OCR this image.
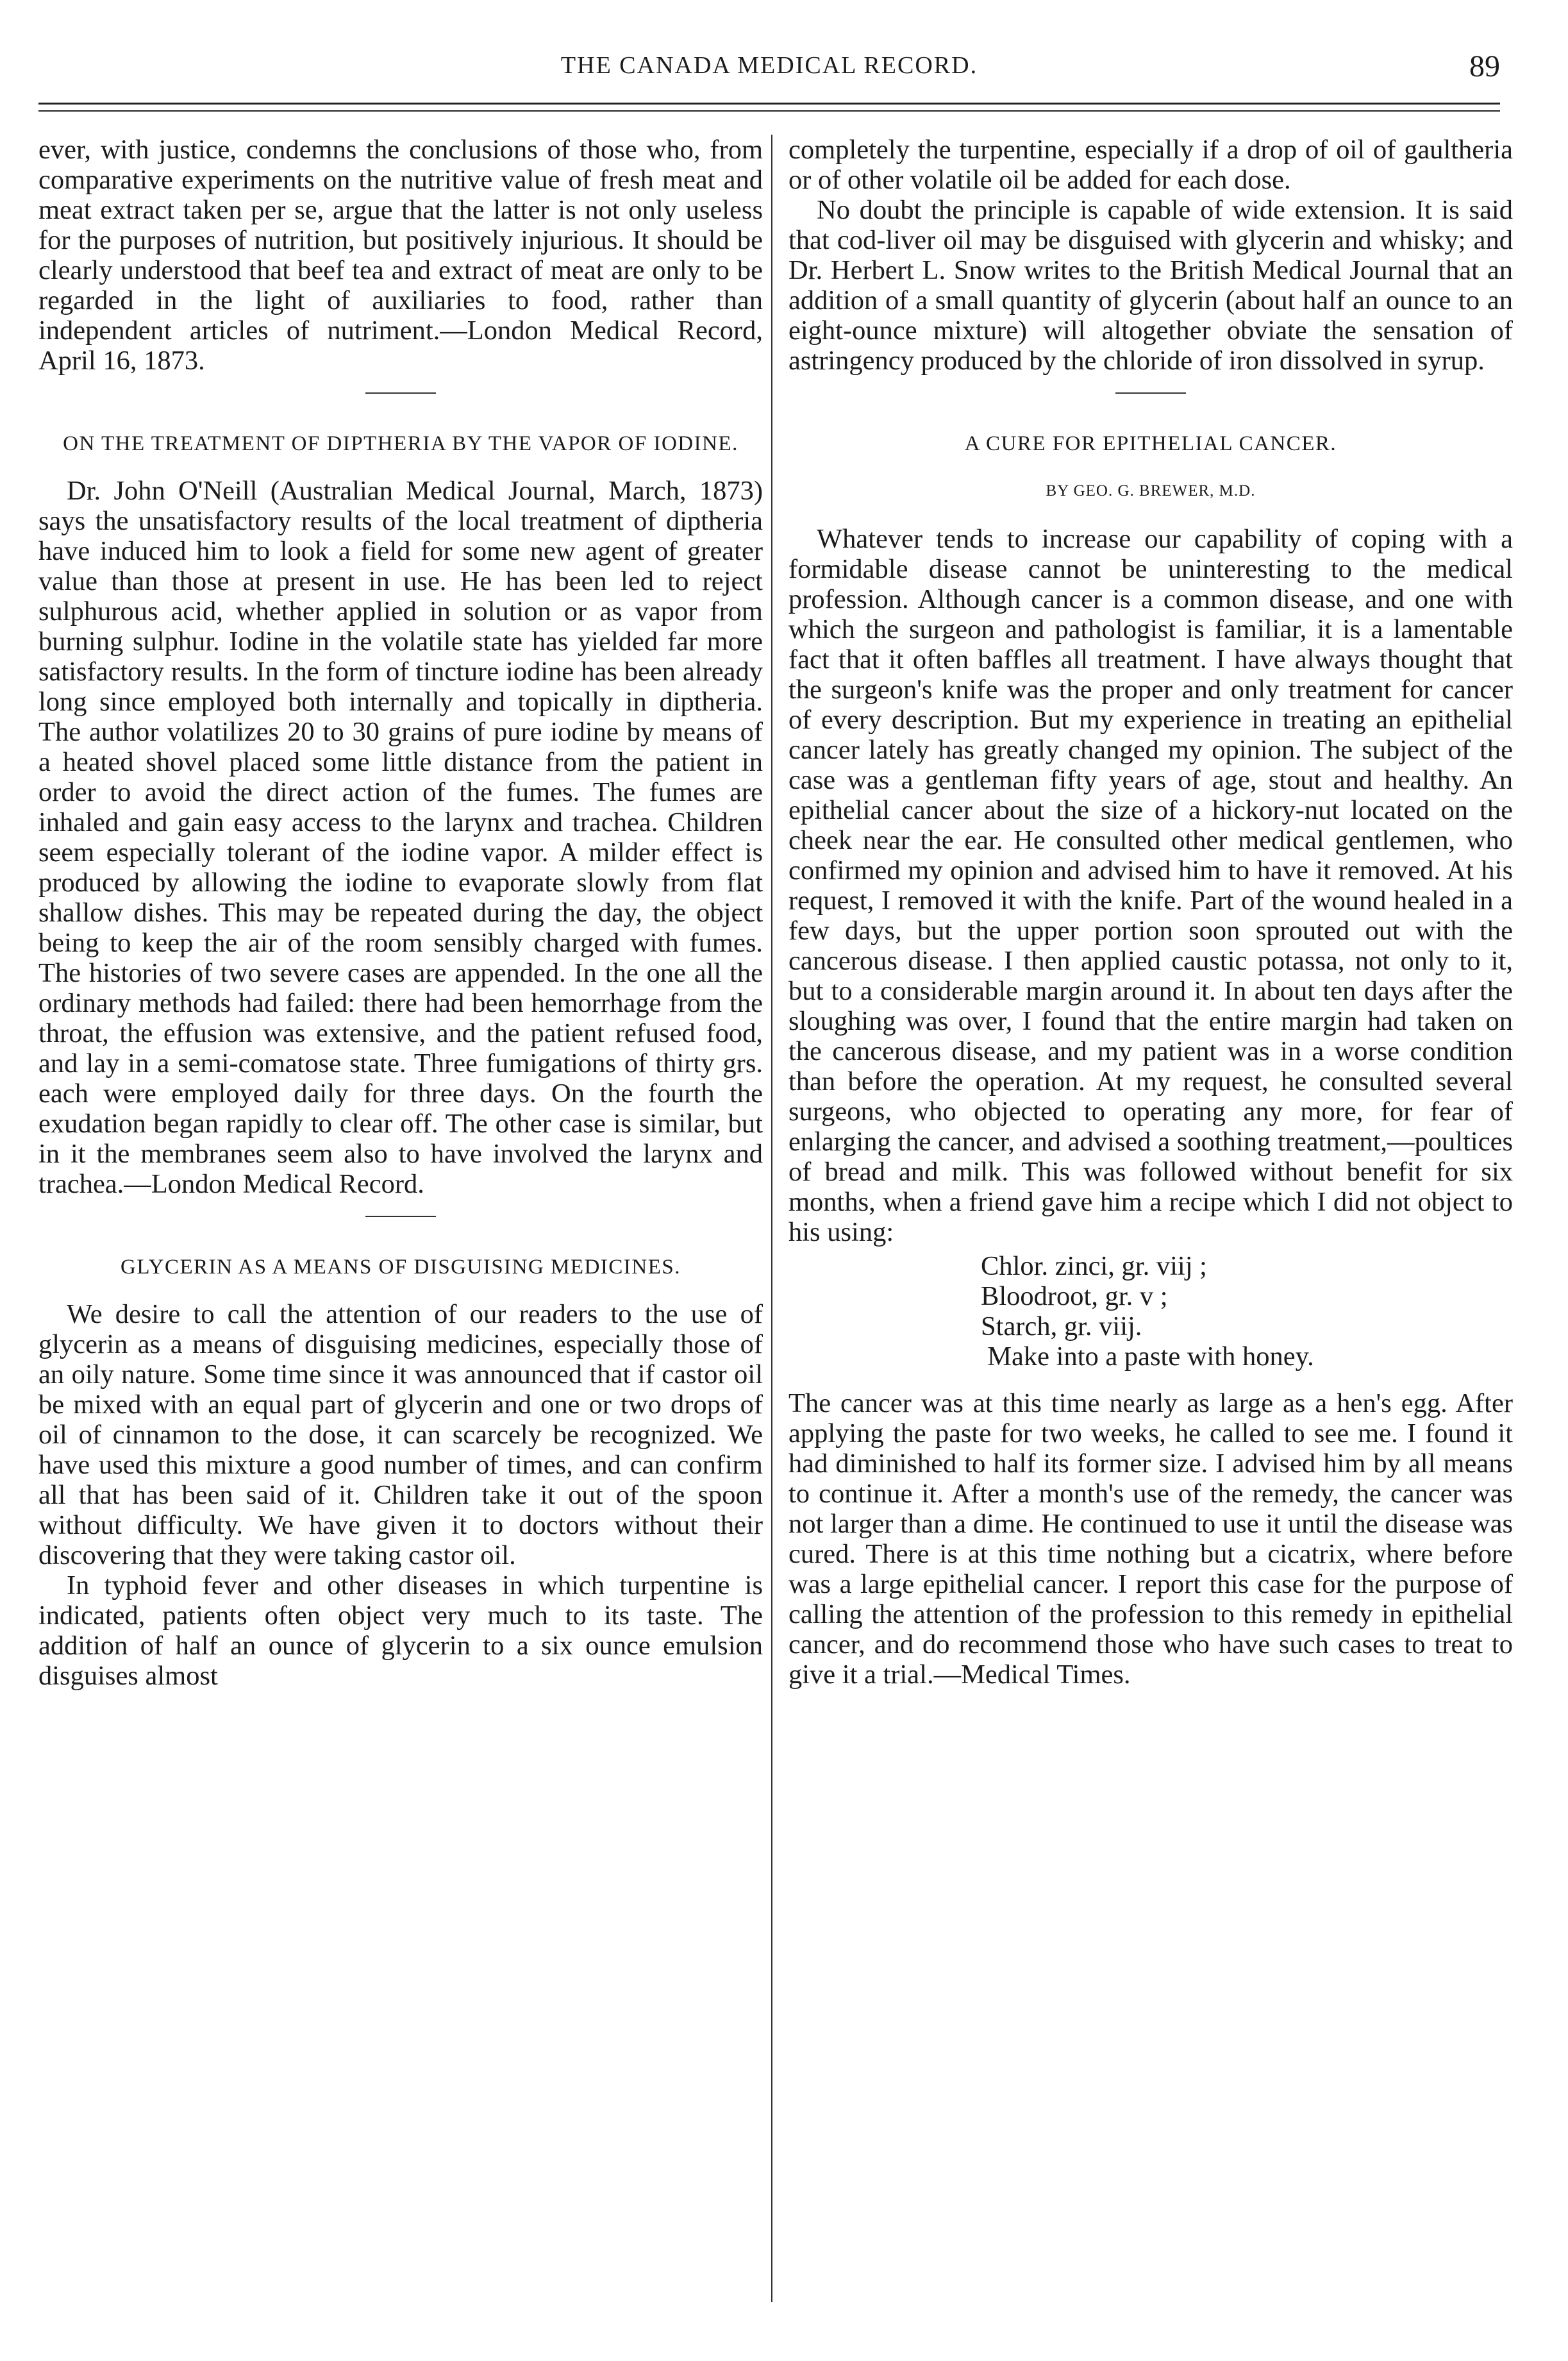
THE CANADA MEDICAL RECORD.	89

ever, with justice, condemns the conclusions of those who, from comparative experiments on the nutritive value of fresh meat and meat extract taken per se, argue that the latter is not only useless for the purposes of nutrition, but positively injurious. It should be clearly understood that beef tea and extract of meat are only to be regarded in the light of auxiliaries to food, rather than independent articles of nutriment.—London Medical Record, April 16, 1873.

ON THE TREATMENT OF DIPTHERIA BY THE VAPOR OF IODINE.

Dr. John O'Neill (Australian Medical Journal, March, 1873) says the unsatisfactory results of the local treatment of diptheria have induced him to look a field for some new agent of greater value than those at present in use. He has been led to reject sulphurous acid, whether applied in solution or as vapor from burning sulphur. Iodine in the volatile state has yielded far more satisfactory results. In the form of tincture iodine has been already long since employed both internally and topically in diptheria. The author volatilizes 20 to 30 grains of pure iodine by means of a heated shovel placed some little distance from the patient in order to avoid the direct action of the fumes. The fumes are inhaled and gain easy access to the larynx and trachea. Children seem especially tolerant of the iodine vapor. A milder effect is produced by allowing the iodine to evaporate slowly from flat shallow dishes. This may be repeated during the day, the object being to keep the air of the room sensibly charged with fumes. The histories of two severe cases are appended. In the one all the ordinary methods had failed: there had been hemorrhage from the throat, the effusion was extensive, and the patient refused food, and lay in a semi-comatose state. Three fumigations of thirty grs. each were employed daily for three days. On the fourth the exudation began rapidly to clear off. The other case is similar, but in it the membranes seem also to have involved the larynx and trachea.—London Medical Record.

GLYCERIN AS A MEANS OF DISGUISING MEDICINES.

We desire to call the attention of our readers to the use of glycerin as a means of disguising medicines, especially those of an oily nature. Some time since it was announced that if castor oil be mixed with an equal part of glycerin and one or two drops of oil of cinnamon to the dose, it can scarcely be recognized. We have used this mixture a good number of times, and can confirm all that has been said of it. Children take it out of the spoon without difficulty. We have given it to doctors without their discovering that they were taking castor oil.

In typhoid fever and other diseases in which turpentine is indicated, patients often object very much to its taste. The addition of half an ounce of glycerin to a six ounce emulsion disguises almost

completely the turpentine, especially if a drop of oil of gaultheria or of other volatile oil be added for each dose.

No doubt the principle is capable of wide extension. It is said that cod-liver oil may be disguised with glycerin and whisky; and Dr. Herbert L. Snow writes to the British Medical Journal that an addition of a small quantity of glycerin (about half an ounce to an eight-ounce mixture) will altogether obviate the sensation of astringency produced by the chloride of iron dissolved in syrup.

A CURE FOR EPITHELIAL CANCER.
BY GEO. G. BREWER, M.D.

Whatever tends to increase our capability of coping with a formidable disease cannot be uninteresting to the medical profession. Although cancer is a common disease, and one with which the surgeon and pathologist is familiar, it is a lamentable fact that it often baffles all treatment. I have always thought that the surgeon's knife was the proper and only treatment for cancer of every description. But my experience in treating an epithelial cancer lately has greatly changed my opinion. The subject of the case was a gentleman fifty years of age, stout and healthy. An epithelial cancer about the size of a hickory-nut located on the cheek near the ear. He consulted other medical gentlemen, who confirmed my opinion and advised him to have it removed. At his request, I removed it with the knife. Part of the wound healed in a few days, but the upper portion soon sprouted out with the cancerous disease. I then applied caustic potassa, not only to it, but to a considerable margin around it. In about ten days after the sloughing was over, I found that the entire margin had taken on the cancerous disease, and my patient was in a worse condition than before the operation. At my request, he consulted several surgeons, who objected to operating any more, for fear of enlarging the cancer, and advised a soothing treatment,—poultices of bread and milk. This was followed without benefit for six months, when a friend gave him a recipe which I did not object to his using:

Chlor. zinci, gr. viij ;
Bloodroot, gr. v ;
Starch, gr. viij.
Make into a paste with honey.

The cancer was at this time nearly as large as a hen's egg. After applying the paste for two weeks, he called to see me. I found it had diminished to half its former size. I advised him by all means to continue it. After a month's use of the remedy, the cancer was not larger than a dime. He continued to use it until the disease was cured. There is at this time nothing but a cicatrix, where before was a large epithelial cancer. I report this case for the purpose of calling the attention of the profession to this remedy in epithelial cancer, and do recommend those who have such cases to treat to give it a trial.—Medical Times.
